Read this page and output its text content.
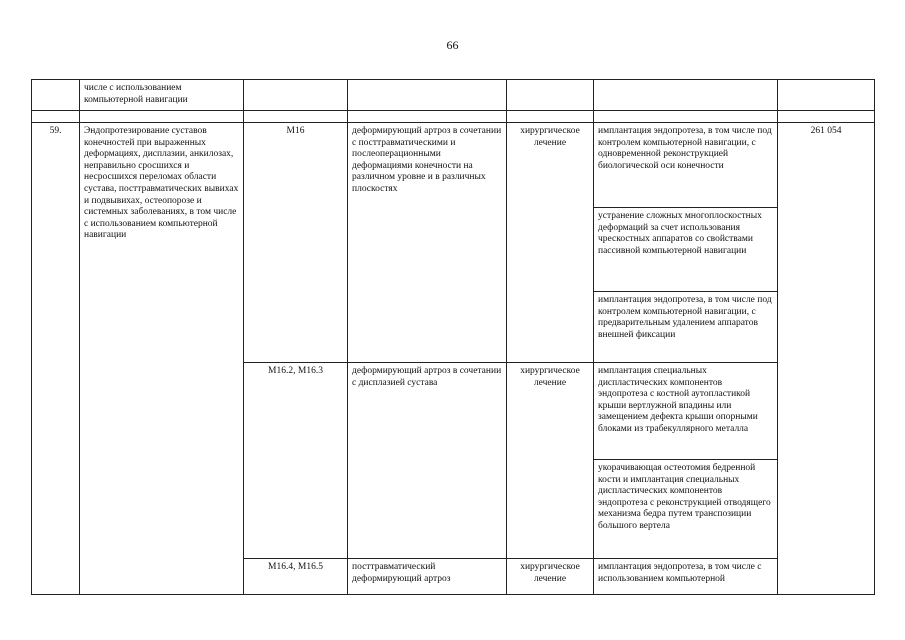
66
	числе с использованием компьютерной навигации					

59.	Эндопротезирование суставов конечностей при выраженных деформациях, дисплазии, анкилозах, неправильно сросшихся и несросшихся переломах области сустава, посттравматических вывихах и подвывихах, остеопорозе и системных заболеваниях, в том числе с использованием компьютерной навигации	M16	деформирующий артроз в сочетании с посттравматическими и послеоперационными деформациями конечности на различном уровне и в различных плоскостях	хирургическое лечение	имплантация эндопротеза, в том числе под контролем компьютерной навигации, с одновременной реконструкцией биологической оси конечности	261 054
					устранение сложных многоплоскостных деформаций за счет использования чрескостных аппаратов со свойствами пассивной компьютерной навигации	
					имплантация эндопротеза, в том числе под контролем компьютерной навигации, с предварительным удалением аппаратов внешней фиксации	
		M16.2, M16.3	деформирующий артроз в сочетании с дисплазией сустава	хирургическое лечение	имплантация специальных диспластических компонентов эндопротеза с костной аутопластикой крыши вертлужной впадины или замещением дефекта крыши опорными блоками из трабекуллярного металла	
					укорачивающая остеотомия бедренной кости и имплантация специальных диспластических компонентов эндопротеза с реконструкцией отводящего механизма бедра путем транспозиции большого вертела	
		M16.4, M16.5	посттравматический деформирующий артроз	хирургическое лечение	имплантация эндопротеза, в том числе с использованием компьютерной	
